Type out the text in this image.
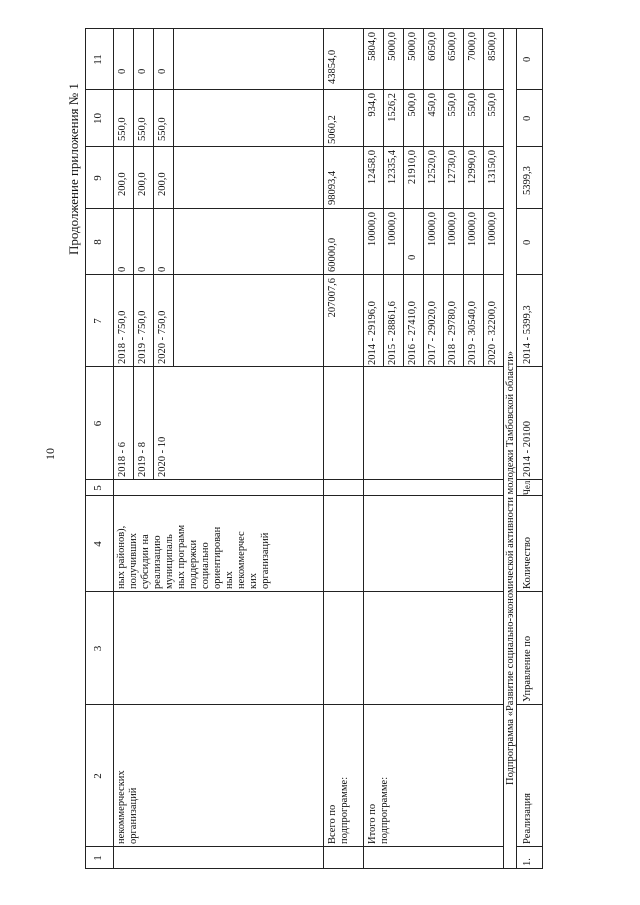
10
Продолжение приложения № 1
1
2
3
4
5
6
7
8
9
10
11
некоммерческих организаций
ных районов), получивших субсидии на реализацию муниципаль ных программ поддержки социально ориентирован ных некоммерчес ких организаций
2018 - 6 2019 - 8 2020 - 10
2018 - 750,0 2019 - 750,0 2020 - 750,0
0 0 0
200,0 200,0 200,0
550,0 550,0 550,0
0 0 0
Всего по подпрограмме:
207007,6
60000,0
98093,4
5060,2
43854,0
Итого по подпрограмме:
2014 - 29196,0 2015 - 28861,6 2016 - 27410,0 2017 - 29020,0 2018 - 29780,0 2019 - 30540,0 2020 - 32200,0
10000,0 10000,0
0
10000,0 10000,0 10000,0 10000,0
12458,0 12335,4 21910,0 12520,0 12730,0 12990,0 13150,0
934,0 1526,2 500,0 450,0 550,0 550,0 550,0
5804,0 5000,0 5000,0 6050,0 6500,0 7000,0 8500,0
Подпрограмма «Развитие социально-экономической активности молодежи Тамбовской области»
1.
Реализация
Управление по
Количество
Чел.
2014 - 20100
2014 - 5399,3
0
5399,3
0
0
